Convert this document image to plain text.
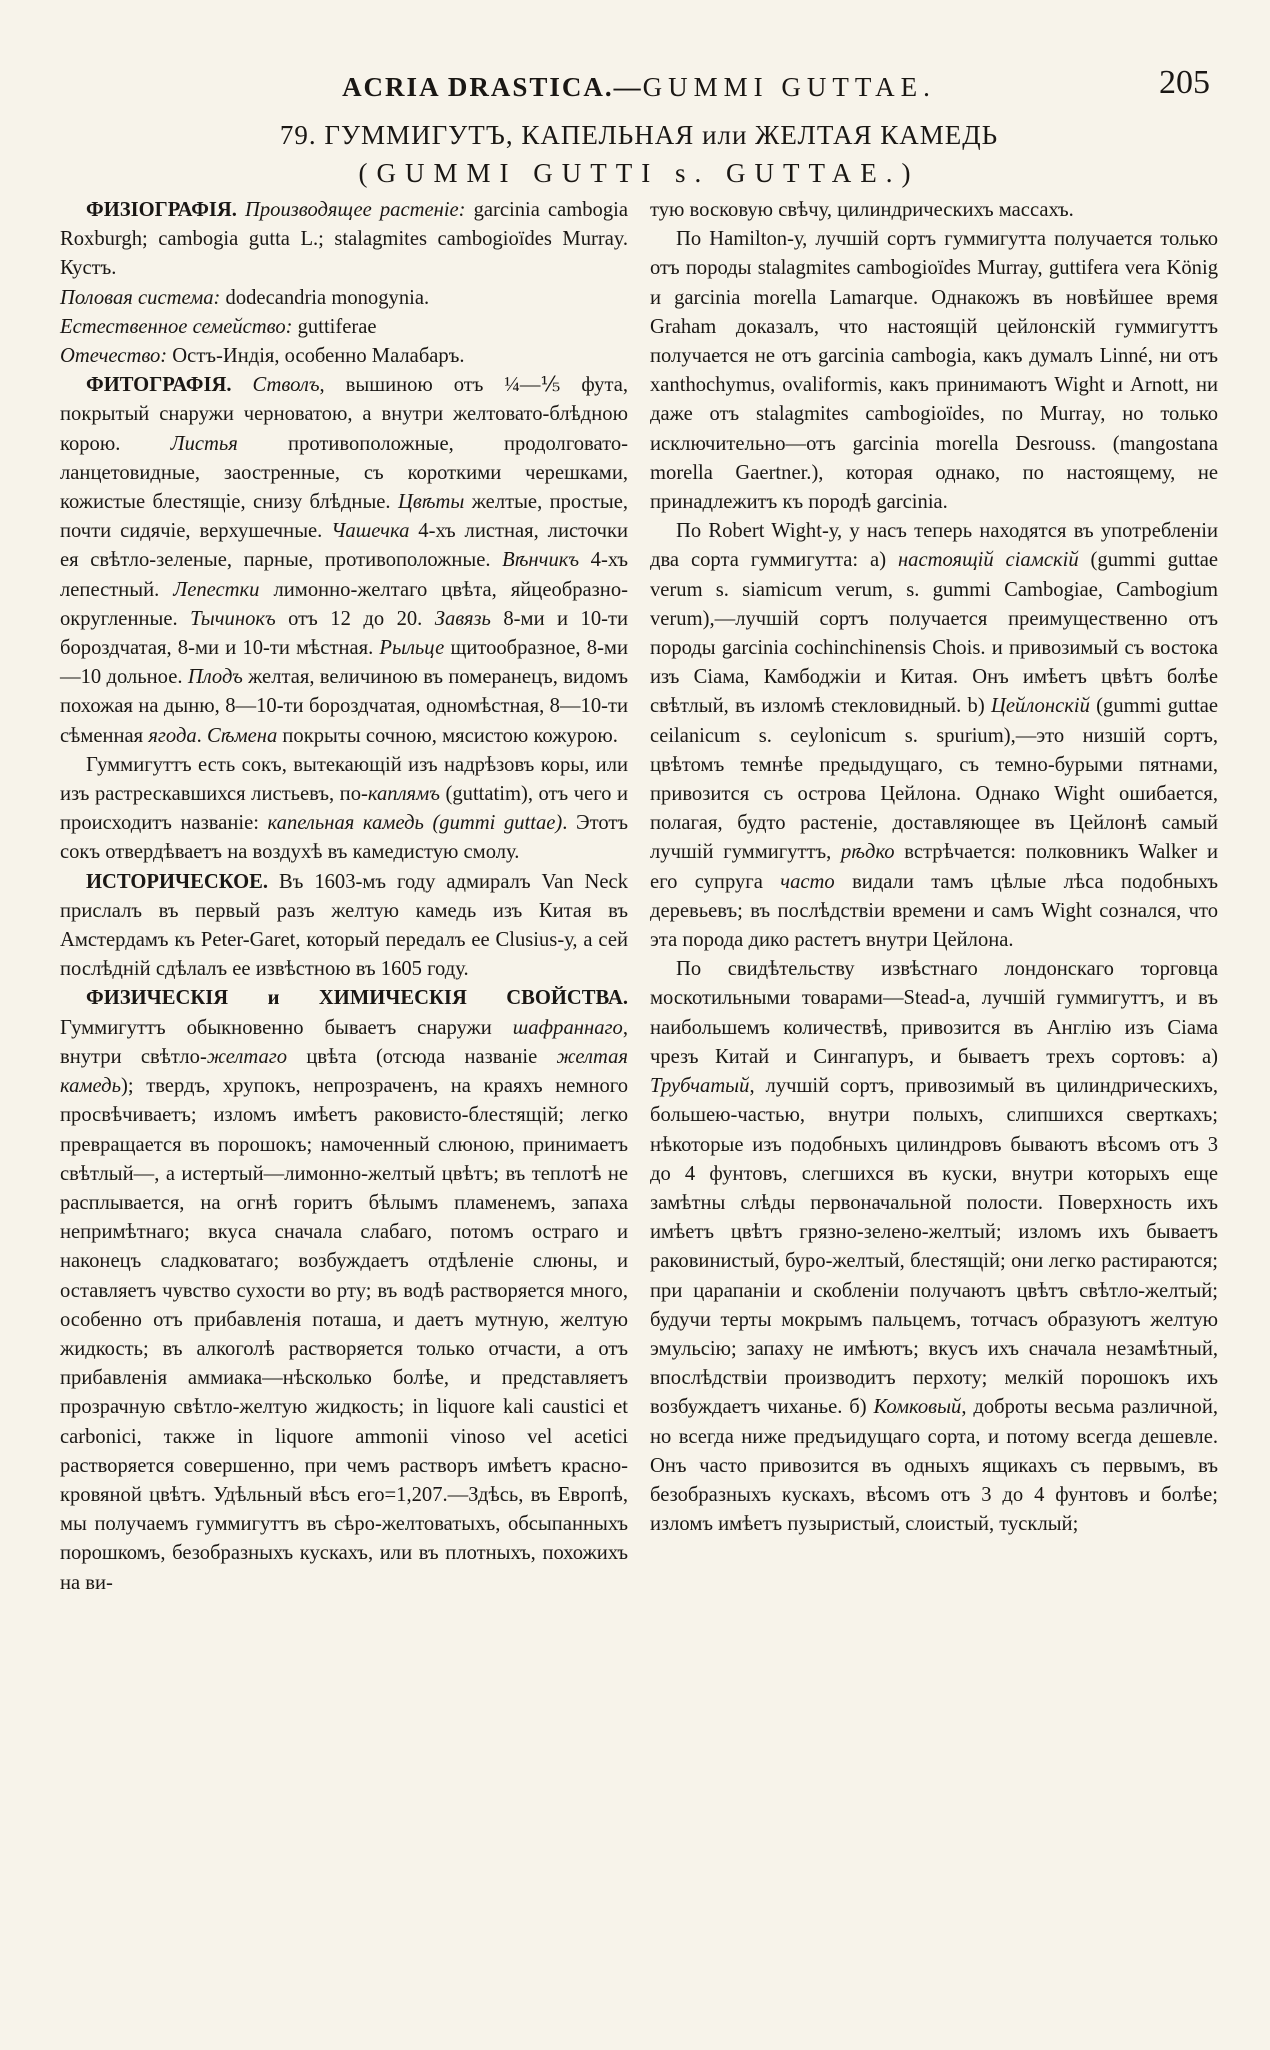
ACRIA DRASTICA.—GUMMI GUTTAE.	205
79. ГУММИГУТЪ, КАПЕЛЬНАЯ или ЖЕЛТАЯ КАМЕДЬ
(GUMMI GUTTI s. GUTTAE.)

ФИЗІОГРАФІЯ. Производящее растеніе: garcinia cambogia Roxburgh; cambogia gutta L.; stalagmites cambogioïdes Murray. Кустъ.

Половая система: dodecandria monogynia.

Естественное семейство: guttiferae

Отечество: Остъ-Индія, особенно Малабаръ.

ФИТОГРАФІЯ. Стволъ, вышиною отъ ¼—⅕ фута, покрытый снаружи черноватою, а внутри желтовато-блѣдною корою. Листья противоположные, продолговато-ланцетовидные, заостренные, съ короткими черешками, кожистые блестящіе, снизу блѣдные. Цвѣты желтые, простые, почти сидячіе, верхушечные. Чашечка 4-хъ листная, листочки ея свѣтло-зеленые, парные, противоположные. Вѣнчикъ 4-хъ лепестный. Лепестки лимонно-желтаго цвѣта, яйцеобразно-округленные. Тычинокъ отъ 12 до 20. Завязь 8-ми и 10-ти бороздчатая, 8-ми и 10-ти мѣстная. Рыльце щитообразное, 8-ми—10 дольное. Плодъ желтая, величиною въ померанецъ, видомъ похожая на дыню, 8—10-ти бороздчатая, одномѣстная, 8—10-ти сѣменная ягода. Сѣмена покрыты сочною, мясистою кожурою.

Гуммигуттъ есть сокъ, вытекающій изъ надрѣзовъ коры, или изъ растрескавшихся листьевъ, по-каплямъ (guttatim), отъ чего и происходитъ названіе: капельная камедь (gummi guttae). Этотъ сокъ отвердѣваетъ на воздухѣ въ камедистую смолу.

ИСТОРИЧЕСКОЕ. Въ 1603-мъ году адмиралъ Van Neck прислалъ въ первый разъ желтую камедь изъ Китая въ Амстердамъ къ Peter-Garet, который передалъ ее Clusius-у, а сей послѣдній сдѣлалъ ее извѣстною въ 1605 году.

ФИЗИЧЕСКІЯ и ХИМИЧЕСКІЯ СВОЙСТВА. Гуммигуттъ обыкновенно бываетъ снаружи шафраннаго, внутри свѣтло-желтаго цвѣта (отсюда названіе желтая камедь); твердъ, хрупокъ, непрозраченъ, на краяхъ немного просвѣчиваетъ; изломъ имѣетъ раковисто-блестящій; легко превращается въ порошокъ; намоченный слюною, принимаетъ свѣтлый—, а истертый—лимонно-желтый цвѣтъ; въ теплотѣ не расплывается, на огнѣ горитъ бѣлымъ пламенемъ, запаха непримѣтнаго; вкуса сначала слабаго, потомъ остраго и наконецъ сладковатаго; возбуждаетъ отдѣленіе слюны, и оставляетъ чувство сухости во рту; въ водѣ растворяется много, особенно отъ прибавленія поташа, и даетъ мутную, желтую жидкость; въ алкоголѣ растворяется только отчасти, а отъ прибавленія аммиака—нѣсколько болѣе, и представляетъ прозрачную свѣтло-желтую жидкость; in liquore kali caustici et carbonici, также in liquore ammonii vinoso vel acetici растворяется совершенно, при чемъ растворъ имѣетъ красно-кровяной цвѣтъ. Удѣльный вѣсъ его=1,207.—Здѣсь, въ Европѣ, мы получаемъ гуммигуттъ въ сѣро-желтоватыхъ, обсыпанныхъ порошкомъ, безобразныхъ кускахъ, или въ плотныхъ, похожихъ на ви-

тую восковую свѣчу, цилиндрическихъ массахъ.

По Hamilton-у, лучшій сортъ гуммигутта получается только отъ породы stalagmites cambogioïdes Murray, guttifera vera König и garcinia morella Lamarque. Однакожъ въ новѣйшее время Graham доказалъ, что настоящій цейлонскій гуммигуттъ получается не отъ garcinia cambogia, какъ думалъ Linné, ни отъ xanthochymus, ovaliformis, какъ принимаютъ Wight и Arnott, ни даже отъ stalagmites cambogioïdes, по Murray, но только исключительно—отъ garcinia morella Desrouss. (mangostana morella Gaertner.), которая однако, по настоящему, не принадлежитъ къ породѣ garcinia.

По Robert Wight-у, у насъ теперь находятся въ употребленіи два сорта гуммигутта: a) настоящій сіамскій (gummi guttae verum s. siamicum verum, s. gummi Cambogiae, Cambogium verum),—лучшій сортъ получается преимущественно отъ породы garcinia cochinchinensis Chois. и привозимый съ востока изъ Сіама, Камбоджіи и Китая. Онъ имѣетъ цвѣтъ болѣе свѣтлый, въ изломѣ стекловидный. b) Цейлонскій (gummi guttae ceilanicum s. ceylonicum s. spurium),—это низшій сортъ, цвѣтомъ темнѣе предыдущаго, съ темно-бурыми пятнами, привозится съ острова Цейлона. Однако Wight ошибается, полагая, будто растеніе, доставляющее въ Цейлонѣ самый лучшій гуммигуттъ, рѣдко встрѣчается: полковникъ Walker и его супруга часто видали тамъ цѣлые лѣса подобныхъ деревьевъ; въ послѣдствіи времени и самъ Wight сознался, что эта порода дико растетъ внутри Цейлона.

По свидѣтельству извѣстнаго лондонскаго торговца москотильными товарами—Stead-а, лучшій гуммигуттъ, и въ наибольшемъ количествѣ, привозится въ Англію изъ Сіама чрезъ Китай и Сингапуръ, и бываетъ трехъ сортовъ: a) Трубчатый, лучшій сортъ, привозимый въ цилиндрическихъ, большею-частью, внутри полыхъ, слипшихся сверткахъ; нѣкоторые изъ подобныхъ цилиндровъ бываютъ вѣсомъ отъ 3 до 4 фунтовъ, слегшихся въ куски, внутри которыхъ еще замѣтны слѣды первоначальной полости. Поверхность ихъ имѣетъ цвѣтъ грязно-зелено-желтый; изломъ ихъ бываетъ раковинистый, буро-желтый, блестящій; они легко растираются; при царапаніи и скобленіи получаютъ цвѣтъ свѣтло-желтый; будучи терты мокрымъ пальцемъ, тотчасъ образуютъ желтую эмульсію; запаху не имѣютъ; вкусъ ихъ сначала незамѣтный, впослѣдствіи производитъ перхоту; мелкій порошокъ ихъ возбуждаетъ чиханье. б) Комковый, доброты весьма различной, но всегда ниже предъидущаго сорта, и потому всегда дешевле. Онъ часто привозится въ одныхъ ящикахъ съ первымъ, въ безобразныхъ кускахъ, вѣсомъ отъ 3 до 4 фунтовъ и болѣе; изломъ имѣетъ пузыристый, слоистый, тусклый;
